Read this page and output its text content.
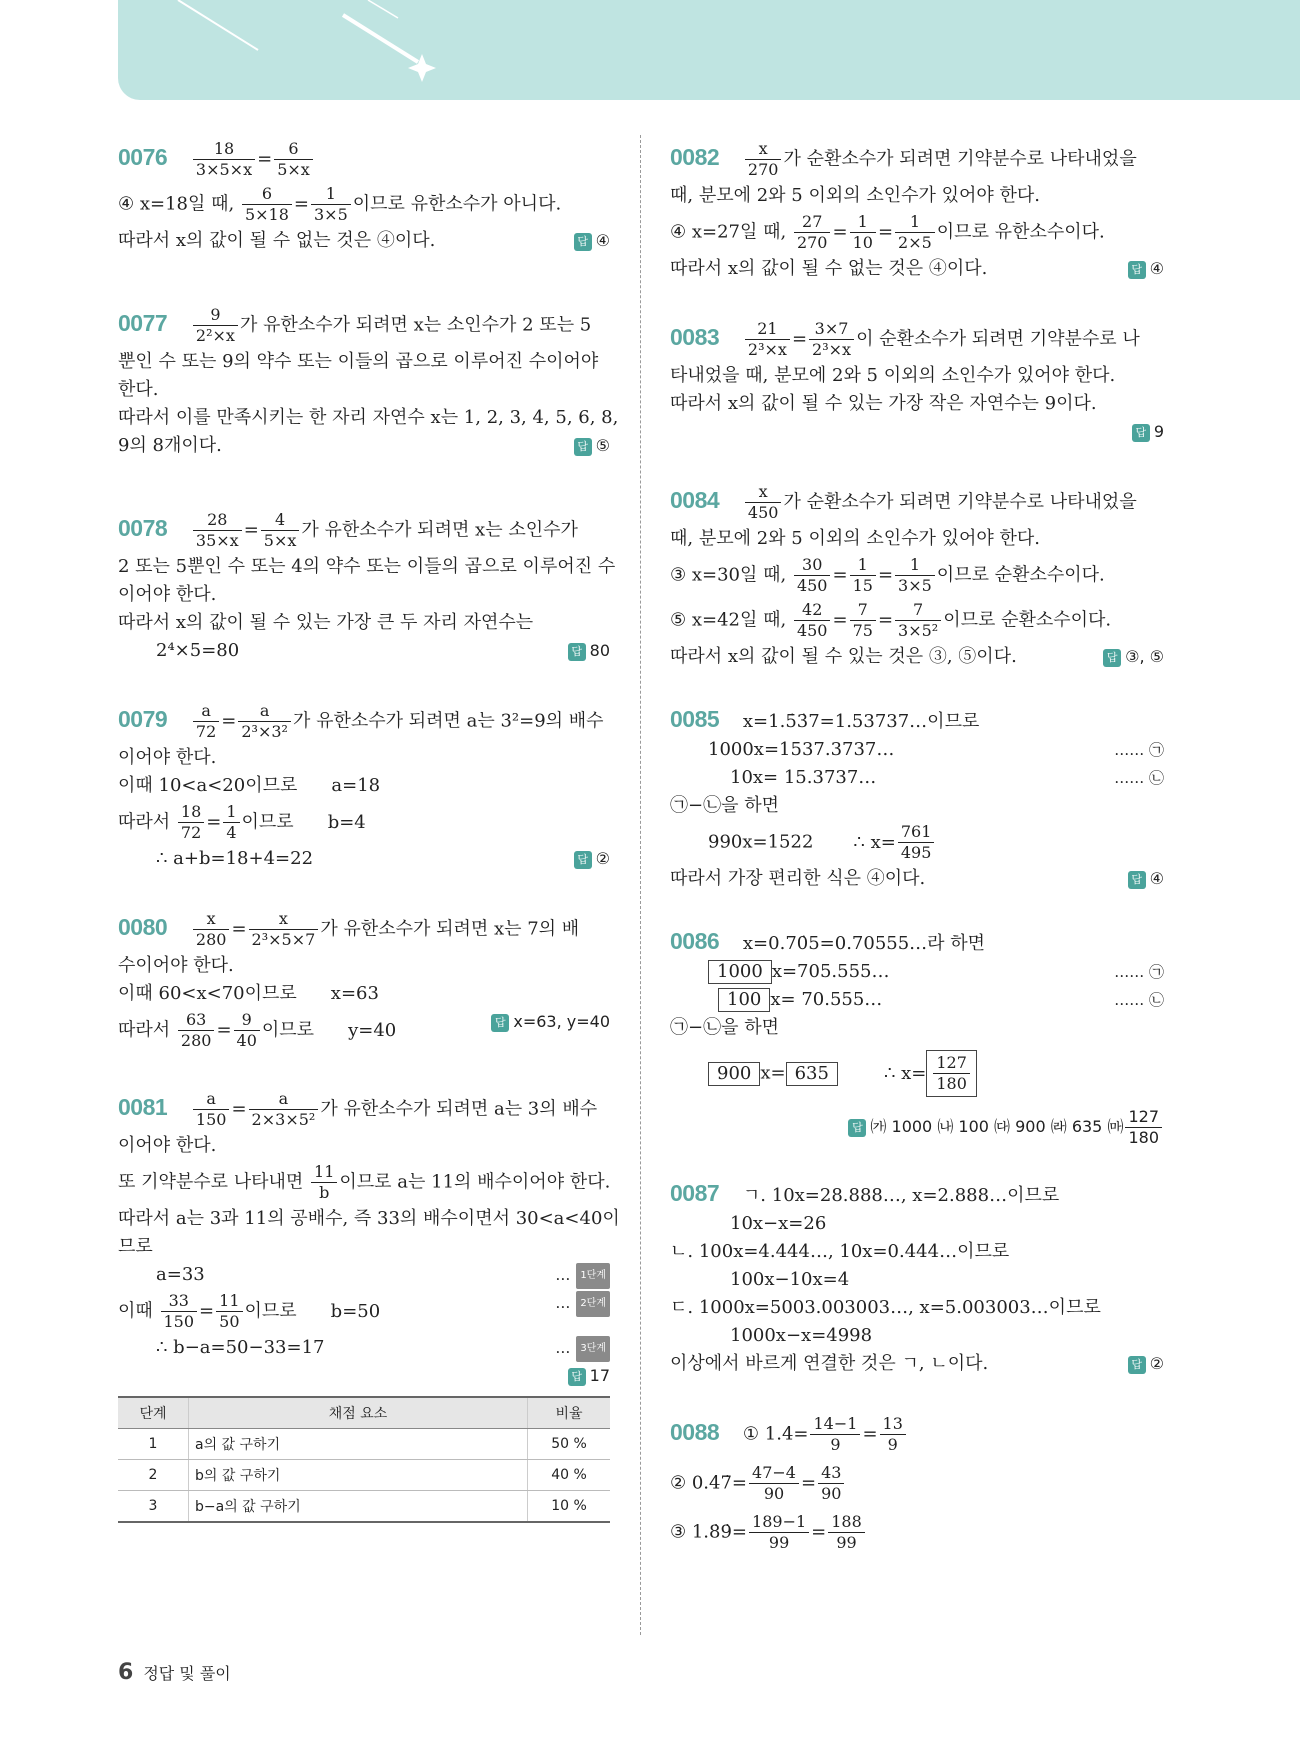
$0076 \frac{18}{3\times 5\times x} = \frac{6}{5\times x}$
④ x=18일 때, $\frac{6}{5\times 18} = \frac{1}{3\times 5}$ 이므로 유한소수가 아니다.
따라서 x의 값이 될 수 없는 것은 ④이다.	답 ④
$0077 \frac{9}{\text{2²×x}}$ 가 유한소수가 되려면 x는 소인수가 2 또는 5
뿐인 수 또는 9의 약수 또는 이들의 곱으로 이루어진 수이어야
한다.
따라서 이를 만족시키는 한 자리 자연수 x는 1, 2, 3, 4, 5, 6, 8,
9의 8개이다.	답 ⑤
$0078 \frac{28}{35\times x} = \frac{4}{5\times x}$ 가 유한소수가 되려면 x는 소인수가
2 또는 5뿐인 수 또는 4의 약수 또는 이들의 곱으로 이루어진 수
이어야 한다.
따라서 x의 값이 될 수 있는 가장 큰 두 자리 자연수는
2⁴×5=80	답 80
$0079 \frac{a}{72} = \frac{a}{\text{2³×3²}}$ 가 유한소수가 되려면 a는 3²=9의 배수
이어야 한다.
이때 10<a<20이므로 a=18
따라서 $\frac{18}{72} = \frac{1}{4}$ 이므로 b=4
∴ a+b=18+4=22	답 ②
$0080 \frac{x}{280} = \frac{x}{\text{2³×5×7}}$ 가 유한소수가 되려면 x는 7의 배
수이어야 한다.
이때 60<x<70이므로 x=63
따라서 $\frac{63}{280} = \frac{9}{40}$ 이므로 y=40	답 x=63, y=40
$0081 \frac{a}{150} = \frac{a}{\text{2×3×5²}}$ 가 유한소수가 되려면 a는 3의 배수
이어야 한다.
또 기약분수로 나타내면 $\frac{11}{b}$ 이므로 a는 11의 배수이어야 한다.
따라서 a는 3과 11의 공배수, 즉 33의 배수이면서 30<a<40이
므로
a=33	… 1단계
이때 $\frac{33}{150} = \frac{11}{50}$ 이므로 b=50	… 2단계
∴ b−a=50−33=17	… 3단계
답 17
단계	채점 요소	비율
1	a의 값 구하기	50 %
2	b의 값 구하기	40 %
3	b−a의 값 구하기	10 %
$0082 \frac{x}{270}$ 가 순환소수가 되려면 기약분수로 나타내었을
때, 분모에 2와 5 이외의 소인수가 있어야 한다.
④ x=27일 때, $\frac{27}{270} = \frac{1}{10} = \frac{1}{2\times 5}$ 이므로 유한소수이다.
따라서 x의 값이 될 수 없는 것은 ④이다.	답 ④
$0083 \frac{21}{\text{2³×x}} = \frac{3\times 7}{\text{2³×x}}$ 이 순환소수가 되려면 기약분수로 나
타내었을 때, 분모에 2와 5 이외의 소인수가 있어야 한다.
따라서 x의 값이 될 수 있는 가장 작은 자연수는 9이다.
답 9
$0084 \frac{x}{450}$ 가 순환소수가 되려면 기약분수로 나타내었을
때, 분모에 2와 5 이외의 소인수가 있어야 한다.
③ x=30일 때, $\frac{30}{450} = \frac{1}{15} = \frac{1}{3\times 5}$ 이므로 순환소수이다.
⑤ x=42일 때, $\frac{42}{450} = \frac{7}{75} = \frac{7}{\text{3×5²}}$ 이므로 순환소수이다.
따라서 x의 값이 될 수 있는 것은 ③, ⑤이다.	답 ③, ⑤
0085 x=1.5̇3̇7=1.53737…이므로
1000x=1537.3737…	…… ㉠
10x= 15.3737…	…… ㉡
㉠−㉡을 하면
990x=1522 ∴ $x= \frac{761}{495}$
따라서 가장 편리한 식은 ④이다.	답 ④
0086 x=0.70̇5=0.70555…라 하면
1000 x=705.555…	…… ㉠
100 x= 70.555…	…… ㉡
㉠−㉡을 하면
900 x= 635	∴ $x= \frac{127}{180}$
답 ㈎ 1000 ㈏ 100 ㈐ 900 ㈑ 635 ㈒ $\frac{127}{180}$
0087 ㄱ. 10x=28.888…, x=2.888…이므로
10x−x=26
ㄴ. 100x=4.444…, 10x=0.444…이므로
100x−10x=4
ㄷ. 1000x=5003.003003…, x=5.003003…이므로
1000x−x=4998
이상에서 바르게 연결한 것은 ㄱ, ㄴ이다.	답 ②
0088 ① 1.4̇= $\frac{14-1}{9} = \frac{13}{9}$
② 0.4̇7̇= $\frac{47-4}{90} = \frac{43}{90}$
③ 1.8̇9̇= $\frac{189-1}{99} = \frac{188}{99}$
6 정답 및 풀이
